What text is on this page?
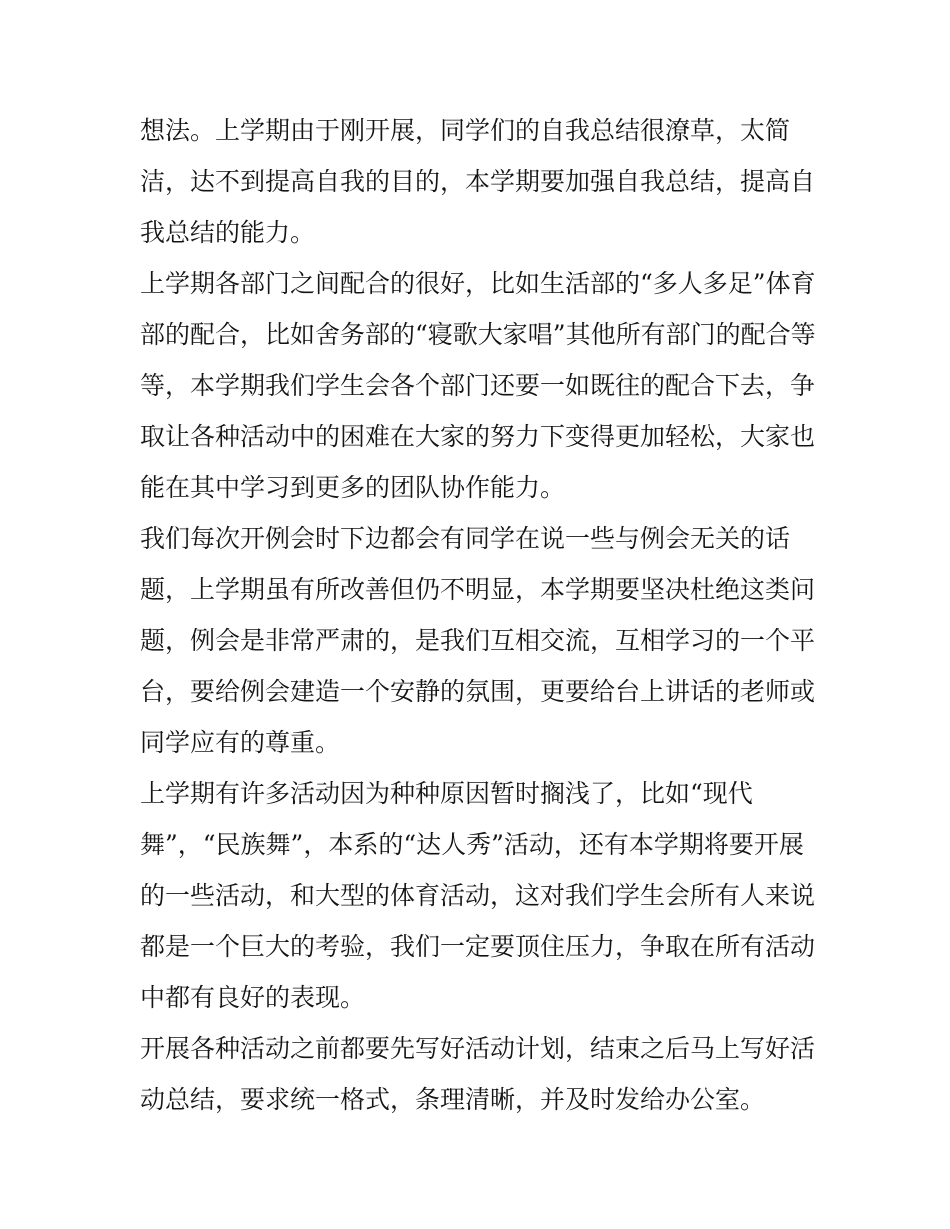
想法。上学期由于刚开展，同学们的自我总结很潦草，太简
洁，达不到提高自我的目的，本学期要加强自我总结，提高自
我总结的能力。
上学期各部门之间配合的很好，比如生活部的“多人多足”体育
部的配合，比如舍务部的“寝歌大家唱”其他所有部门的配合等
等，本学期我们学生会各个部门还要一如既往的配合下去，争
取让各种活动中的困难在大家的努力下变得更加轻松，大家也
能在其中学习到更多的团队协作能力。
我们每次开例会时下边都会有同学在说一些与例会无关的话
题，上学期虽有所改善但仍不明显，本学期要坚决杜绝这类问
题，例会是非常严肃的，是我们互相交流，互相学习的一个平
台，要给例会建造一个安静的氛围，更要给台上讲话的老师或
同学应有的尊重。
上学期有许多活动因为种种原因暂时搁浅了，比如“现代
舞”，“民族舞”，本系的“达人秀”活动，还有本学期将要开展
的一些活动，和大型的体育活动，这对我们学生会所有人来说
都是一个巨大的考验，我们一定要顶住压力，争取在所有活动
中都有良好的表现。
开展各种活动之前都要先写好活动计划，结束之后马上写好活
动总结，要求统一格式，条理清晰，并及时发给办公室。
